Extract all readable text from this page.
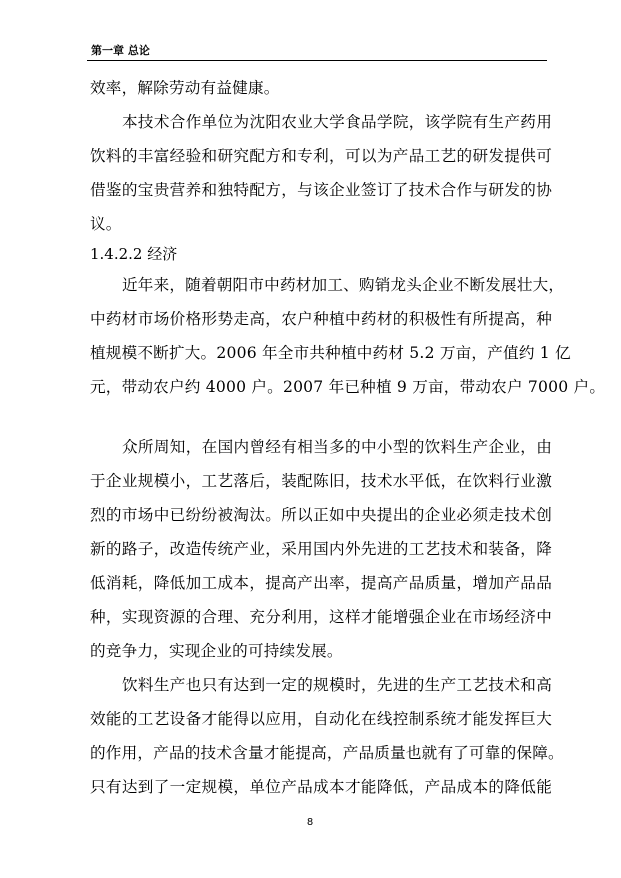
第一章 总论
效率，解除劳动有益健康。
本技术合作单位为沈阳农业大学食品学院，该学院有生产药用
饮料的丰富经验和研究配方和专利，可以为产品工艺的研发提供可
借鉴的宝贵营养和独特配方，与该企业签订了技术合作与研发的协
议。
1.4.2.2 经济
近年来，随着朝阳市中药材加工、购销龙头企业不断发展壮大，
中药材市场价格形势走高，农户种植中药材的积极性有所提高，种
植规模不断扩大。2006 年全市共种植中药材 5.2 万亩，产值约 1 亿
元，带动农户约 4000 户。2007 年已种植 9 万亩，带动农户 7000 户。
众所周知，在国内曾经有相当多的中小型的饮料生产企业，由
于企业规模小，工艺落后，装配陈旧，技术水平低，在饮料行业激
烈的市场中已纷纷被淘汰。所以正如中央提出的企业必须走技术创
新的路子，改造传统产业，采用国内外先进的工艺技术和装备，降
低消耗，降低加工成本，提高产出率，提高产品质量，增加产品品
种，实现资源的合理、充分利用，这样才能增强企业在市场经济中
的竞争力，实现企业的可持续发展。
饮料生产也只有达到一定的规模时，先进的生产工艺技术和高
效能的工艺设备才能得以应用，自动化在线控制系统才能发挥巨大
的作用，产品的技术含量才能提高，产品质量也就有了可靠的保障。
只有达到了一定规模，单位产品成本才能降低，产品成本的降低能
8
